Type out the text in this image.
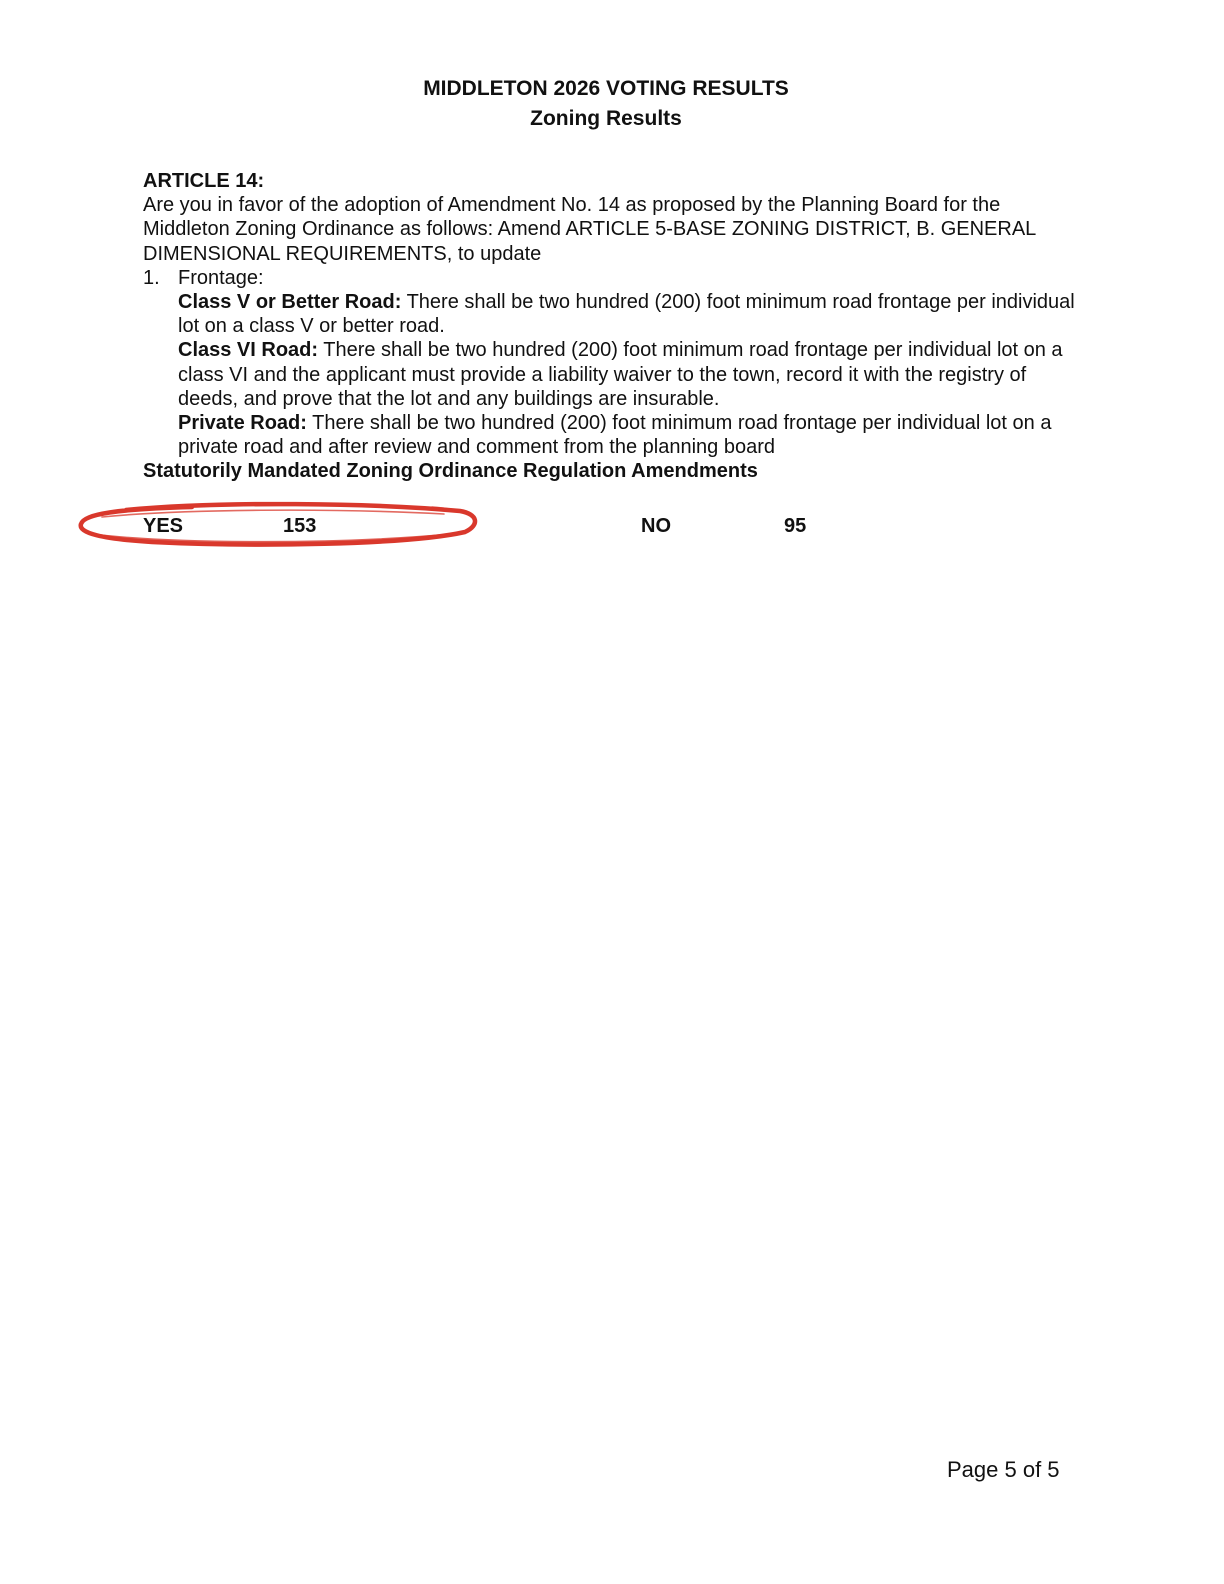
MIDDLETON 2026 VOTING RESULTS
Zoning Results
ARTICLE 14:
Are you in favor of the adoption of Amendment No. 14 as proposed by the Planning Board for the Middleton Zoning Ordinance as follows: Amend ARTICLE 5-BASE ZONING DISTRICT, B. GENERAL DIMENSIONAL REQUIREMENTS, to update
1. Frontage:
Class V or Better Road: There shall be two hundred (200) foot minimum road frontage per individual lot on a class V or better road.
Class VI Road: There shall be two hundred (200) foot minimum road frontage per individual lot on a class VI and the applicant must provide a liability waiver to the town, record it with the registry of deeds, and prove that the lot and any buildings are insurable.
Private Road: There shall be two hundred (200) foot minimum road frontage per individual lot on a private road and after review and comment from the planning board
Statutorily Mandated Zoning Ordinance Regulation Amendments
YES	153	NO	95
Page 5 of 5
